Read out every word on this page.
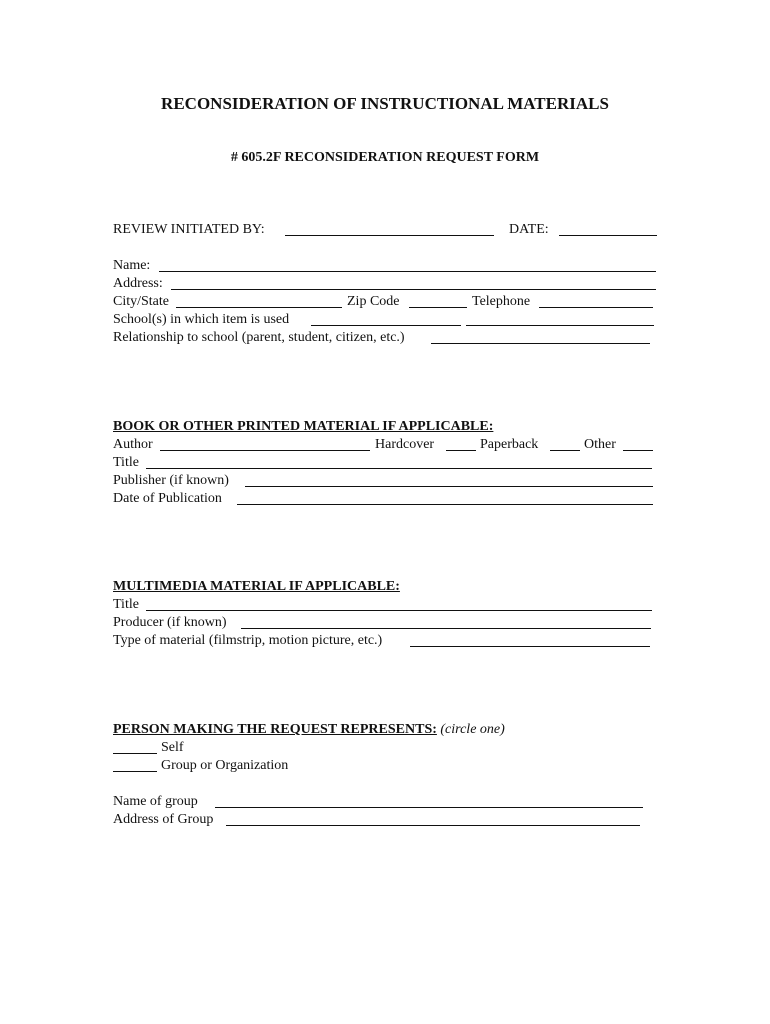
RECONSIDERATION OF INSTRUCTIONAL MATERIALS
# 605.2F RECONSIDERATION REQUEST FORM
REVIEW INITIATED BY:	DATE:
Name:
Address:
City/State	Zip Code	Telephone
School(s) in which item is used
Relationship to school (parent, student, citizen, etc.)
BOOK OR OTHER PRINTED MATERIAL IF APPLICABLE:
Author	Hardcover	Paperback	Other
Title
Publisher (if known)
Date of Publication
MULTIMEDIA MATERIAL IF APPLICABLE:
Title
Producer (if known)
Type of material (filmstrip, motion picture, etc.)
PERSON MAKING THE REQUEST REPRESENTS: (circle one)
Self
Group or Organization
Name of group
Address of Group
